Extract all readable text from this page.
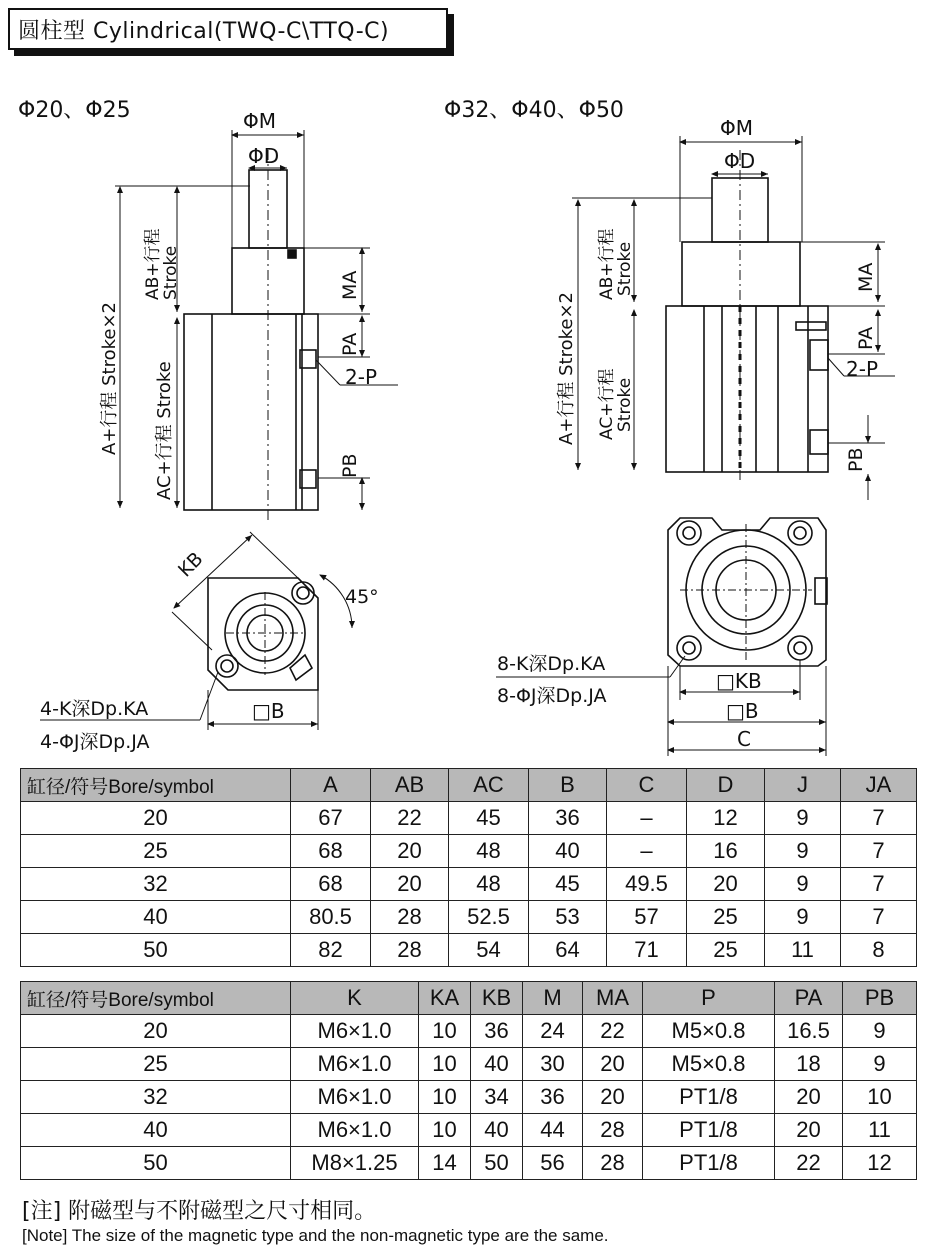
圆柱型 Cylindrical(TWQ-C\TTQ-C)
Φ20、Φ25	Φ32、Φ40、Φ50
ΦM
ΦD
AB+行程
Stroke
A+行程 Stroke×2 AC+行程 Stroke
MA
PA
PB
2-P
KB
45°
□B
4-K深Dp.KA
4-ΦJ深Dp.JA
ΦM
ΦD
AB+行程
Stroke
A+行程 Stroke×2 AC+行程
Stroke
MA
PA
PB
2-P
□KB
□B
C
8-K深Dp.KA
8-ΦJ深Dp.JA
缸径/符号Bore/symbol	A	AB	AC	B	C	D	J	JA
20	67	22	45	36	–	12	9	7
25	68	20	48	40	–	16	9	7
32	68	20	48	45	49.5	20	9	7
40	80.5	28	52.5	53	57	25	9	7
50	82	28	54	64	71	25	11	8
缸径/符号Bore/symbol	K	KA	KB	M	MA	P	PA	PB
20	M6×1.0	10	36	24	22	M5×0.8	16.5	9
25	M6×1.0	10	40	30	20	M5×0.8	18	9
32	M6×1.0	10	34	36	20	PT1/8	20	10
40	M6×1.0	10	40	44	28	PT1/8	20	11
50	M8×1.25	14	50	56	28	PT1/8	22	12
[注] 附磁型与不附磁型之尺寸相同。
[Note] The size of the magnetic type and the non-magnetic type are the same.
